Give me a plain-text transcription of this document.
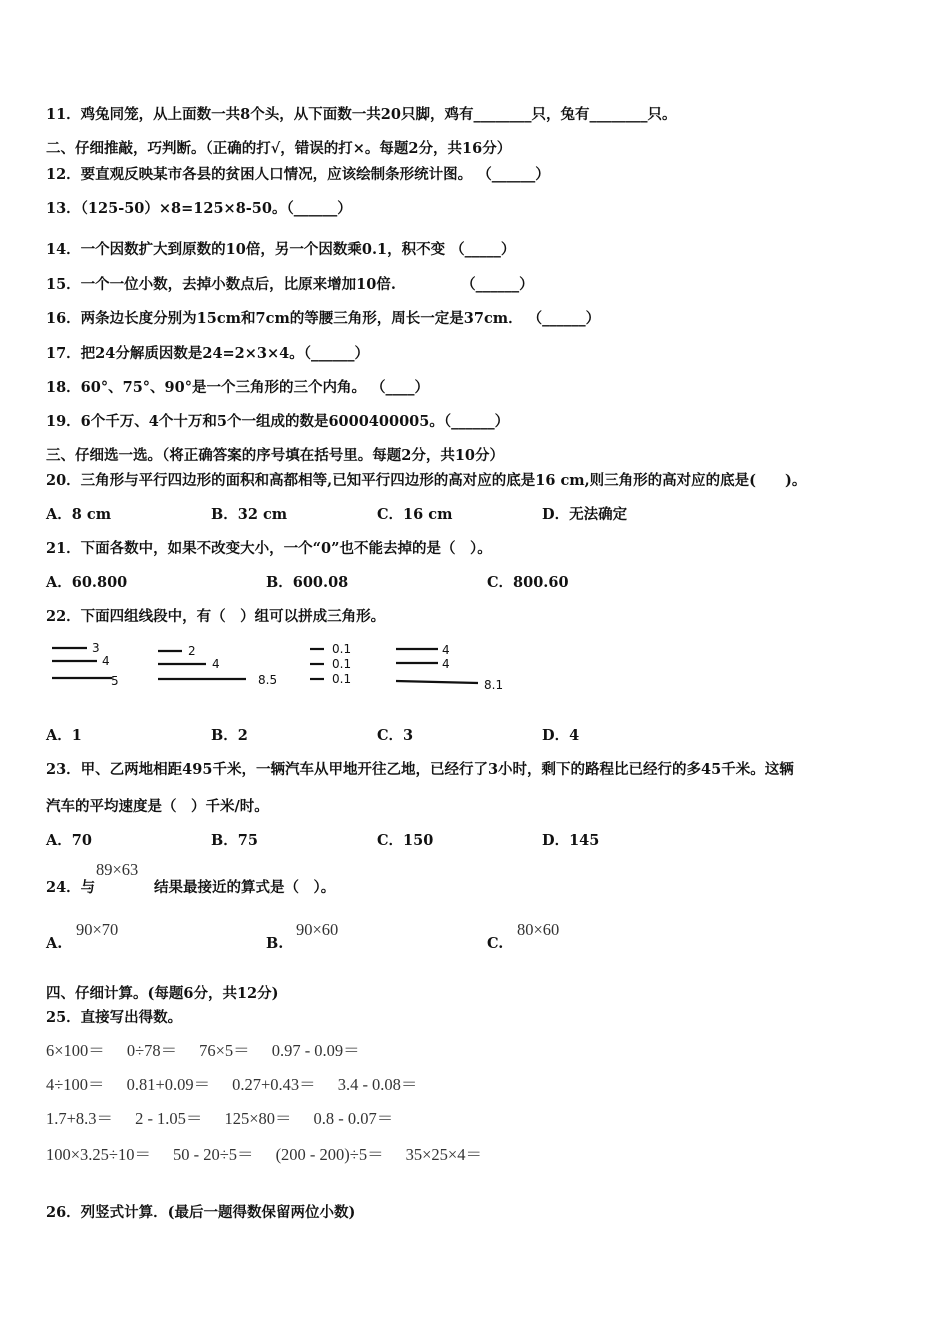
11．鸡兔同笼，从上面数一共8个头，从下面数一共20只脚，鸡有________只，兔有________只。
二、仔细推敲，巧判断。（正确的打√，错误的打×。每题2分，共16分）
12．要直观反映某市各县的贫困人口情况，应该绘制条形统计图。 （______）
13．（125-50）×8=125×8-50。（______）
14．一个因数扩大到原数的10倍，另一个因数乘0.1，积不变 （_____）
15．一个一位小数，去掉小数点后，比原来增加10倍.　　　　　（______）
16．两条边长度分别为15cm和7cm的等腰三角形，周长一定是37cm． （______）
17．把24分解质因数是24=2×3×4。（______）
18．60°、75°、90°是一个三角形的三个内角。 （____）
19．6个千万、4个十万和5个一组成的数是6000400005。（______）
三、仔细选一选。（将正确答案的序号填在括号里。每题2分，共10分）
20．三角形与平行四边形的面积和高都相等,已知平行四边形的高对应的底是16 cm,则三角形的高对应的底是(　　)。
A．8 cm	B．32 cm	C．16 cm	D．无法确定
21．下面各数中，如果不改变大小，一个“0”也不能去掉的是（　）。
A．60.800	B．600.08	C．800.60
22．下面四组线段中，有（　）组可以拼成三角形。
3
4
5
2
4
8.5
0.1
0.1
0.1
4
4
8.1
A．1	B．2	C．3	D．4
23．甲、乙两地相距495千米，一辆汽车从甲地开往乙地，已经行了3小时，剩下的路程比已经行的多45千米。这辆
汽车的平均速度是（　）千米/时。
A．70	B．75	C．150	D．145
24．与
89×63
结果最接近的算式是（　）。
A.
90×70
B.
90×60
C.
80×60
四、仔细计算。(每题6分，共12分)
25．直接写出得数。
6×100＝ 0÷78＝ 76×5＝ 0.97 - 0.09＝
4÷100＝ 0.81+0.09＝ 0.27+0.43＝ 3.4 - 0.08＝
1.7+8.3＝ 2 - 1.05＝ 125×80＝ 0.8 - 0.07＝
100×3.25÷10＝ 50 - 20÷5＝ (200 - 200)÷5＝ 35×25×4＝
26．列竖式计算．(最后一题得数保留两位小数)
